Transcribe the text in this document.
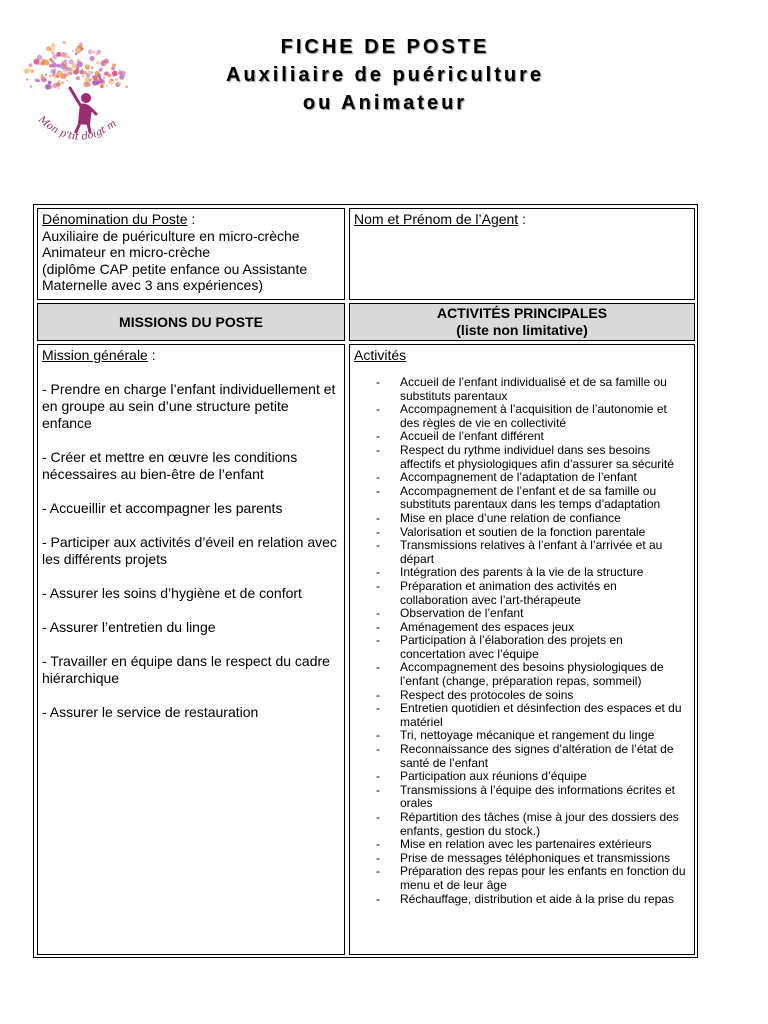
Mon p'tit doigt m
FICHE DE POSTE
Auxiliaire de puériculture
ou Animateur
Dénomination du Poste :
Auxiliaire de puériculture en micro-crèche
Animateur en micro-crèche
(diplôme CAP petite enfance ou Assistante Maternelle avec 3 ans expériences)
Nom et Prénom de l’Agent :
MISSIONS DU POSTE
ACTIVITÉS PRINCIPALES
(liste non limitative)
Mission générale :
- Prendre en charge l’enfant individuellement et en groupe au sein d’une structure petite enfance
- Créer et mettre en œuvre les conditions nécessaires au bien-être de l’enfant
- Accueillir et accompagner les parents
- Participer aux activités d’éveil en relation avec les différents projets
- Assurer les soins d’hygiène et de confort
- Assurer l’entretien du linge
- Travailler en équipe dans le respect du cadre hiérarchique
- Assurer le service de restauration
Activités
- Accueil de l’enfant individualisé et de sa famille ou substituts parentaux
- Accompagnement à l’acquisition de l’autonomie et des règles de vie en collectivité
- Accueil de l’enfant différent
- Respect du rythme individuel dans ses besoins affectifs et physiologiques afin d’assurer sa sécurité
- Accompagnement de l’adaptation de l’enfant
- Accompagnement de l’enfant et de sa famille ou substituts parentaux dans les temps d’adaptation
- Mise en place d’une relation de confiance
- Valorisation et soutien de la fonction parentale
- Transmissions relatives à l’enfant à l’arrivée et au départ
- Intégration des parents à la vie de la structure
- Préparation et animation des activités en collaboration avec l’art-thérapeute
- Observation de l’enfant
- Aménagement des espaces jeux
- Participation à l’élaboration des projets en concertation avec l’équipe
- Accompagnement des besoins physiologiques de l’enfant (change, préparation repas, sommeil)
- Respect des protocoles de soins
- Entretien quotidien et désinfection des espaces et du matériel
- Tri, nettoyage mécanique et rangement du linge
- Reconnaissance des signes d’altération de l’état de santé de l’enfant
- Participation aux réunions d’équipe
- Transmissions à l’équipe des informations écrites et orales
- Répartition des tâches (mise à jour des dossiers des enfants, gestion du stock.)
- Mise en relation avec les partenaires extérieurs
- Prise de messages téléphoniques et transmissions
- Préparation des repas pour les enfants en fonction du menu et de leur âge
- Réchauffage, distribution et aide à la prise du repas
